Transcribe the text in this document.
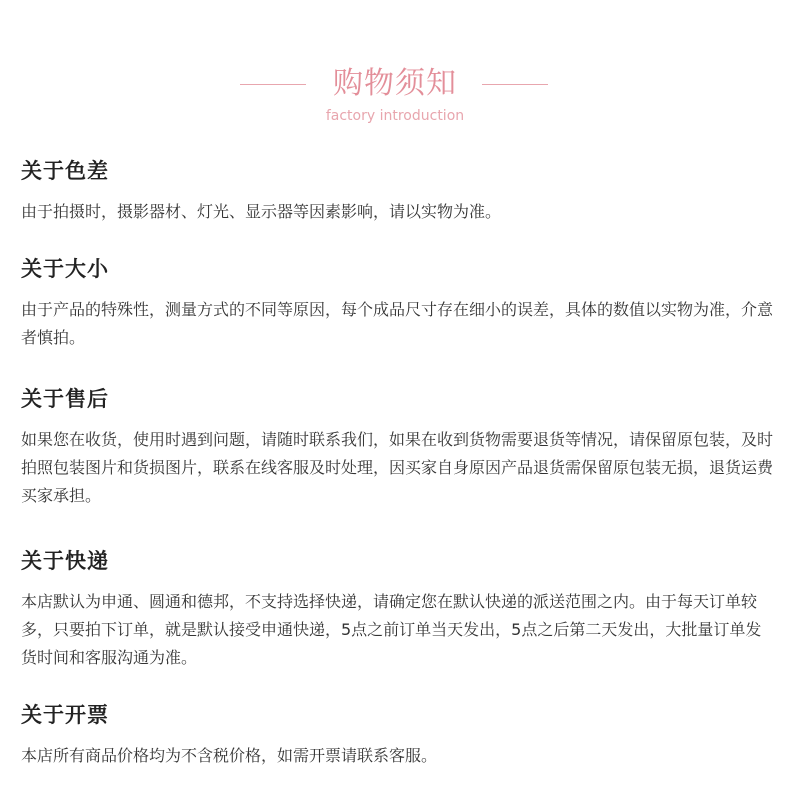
购物须知
factory introduction
关于色差

由于拍摄时，摄影器材、灯光、显示器等因素影响，请以实物为准。

关于大小

由于产品的特殊性，测量方式的不同等原因，每个成品尺寸存在细小的误差，具体的数值以实物为准，介意者慎拍。

关于售后

如果您在收货，使用时遇到问题，请随时联系我们，如果在收到货物需要退货等情况，请保留原包装，及时拍照包装图片和货损图片，联系在线客服及时处理，因买家自身原因产品退货需保留原包装无损，退货运费买家承担。

关于快递

本店默认为申通、圆通和德邦，不支持选择快递，请确定您在默认快递的派送范围之内。由于每天订单较多，只要拍下订单，就是默认接受申通快递，5点之前订单当天发出，5点之后第二天发出，大批量订单发货时间和客服沟通为准。

关于开票

本店所有商品价格均为不含税价格，如需开票请联系客服。
